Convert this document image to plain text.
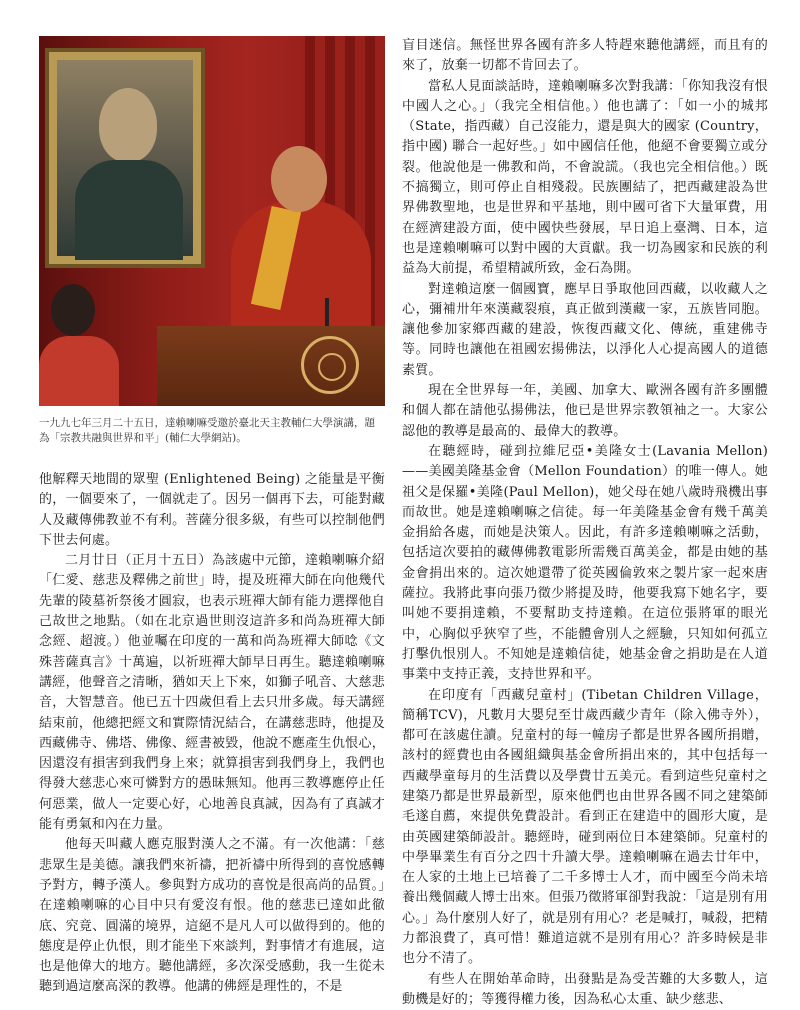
一九九七年三月二十五日，達賴喇嘛受邀於臺北天主教輔仁大學演講，題為「宗教共融與世界和平」(輔仁大學網站)。

他解釋天地間的眾聖 (Enlightened Being) 之能量是平衡的，一個要來了，一個就走了。因另一個再下去，可能對藏人及藏傳佛教並不有利。菩薩分很多級，有些可以控制他們下世去何處。

二月廿日（正月十五日）為該處中元節，達賴喇嘛介紹「仁愛、慈悲及釋佛之前世」時，提及班禪大師在向他幾代先輩的陵墓祈祭後才圓寂，也表示班禪大師有能力選擇他自己故世之地點。（如在北京過世則沒這許多和尚為班禪大師念經、超渡。）他並囑在印度的一萬和尚為班禪大師唸《文殊菩薩真言》十萬遍，以祈班禪大師早日再生。聽達賴喇嘛講經，他聲音之清晰，猶如天上下來，如獅子吼音、大慈悲音，大智慧音。他已五十四歲但看上去只卅多歲。每天講經結束前，他總把經文和實際情況結合，在講慈悲時，他提及西藏佛寺、佛塔、佛像、經書被毀，他說不應產生仇恨心，因還沒有損害到我們身上來；就算損害到我們身上，我們也得發大慈悲心來可憐對方的愚昧無知。他再三教導應停止任何惡業，做人一定要心好，心地善良真誠，因為有了真誠才能有勇氣和內在力量。

他每天叫藏人應克服對漢人之不滿。有一次他講：「慈悲眾生是美德。讓我們來祈禱，把祈禱中所得到的喜悅感轉予對方，轉予漢人。參與對方成功的喜悅是很高尚的品質。」在達賴喇嘛的心目中只有愛沒有恨。他的慈悲已達如此徹底、究竟、圓滿的境界，這絕不是凡人可以做得到的。他的態度是停止仇恨，則才能坐下來談判，對事情才有進展，這也是他偉大的地方。聽他講經，多次深受感動，我一生從未聽到過這麼高深的教導。他講的佛經是理性的，不是

盲目迷信。無怪世界各國有許多人特趕來聽他講經，而且有的來了，放棄一切都不肯回去了。

當私人見面談話時，達賴喇嘛多次對我講：「你知我沒有恨中國人之心。」（我完全相信他。）他也講了：「如一小的城邦（State，指西藏）自己沒能力，還是與大的國家 (Country，指中國) 聯合一起好些。」如中國信任他，他絕不會要獨立或分裂。他說他是一佛教和尚，不會說謊。（我也完全相信他。）既不搞獨立，則可停止自相殘殺。民族團結了，把西藏建設為世界佛教聖地，也是世界和平基地，則中國可省下大量軍費，用在經濟建設方面，使中國快些發展，早日追上臺灣、日本，這也是達賴喇嘛可以對中國的大貢獻。我一切為國家和民族的利益為大前提，希望精誠所致，金石為開。

對達賴這麼一個國寶，應早日爭取他回西藏，以收藏人之心，彌補卅年來漢藏裂痕，真正做到漢藏一家，五族皆同胞。讓他參加家鄉西藏的建設，恢復西藏文化、傳統，重建佛寺等。同時也讓他在祖國宏揚佛法，以淨化人心提高國人的道德素質。

現在全世界每一年，美國、加拿大、歐洲各國有許多團體和個人都在請他弘揚佛法，他已是世界宗教領袖之一。大家公認他的教導是最高的、最偉大的教導。

在聽經時，碰到拉維尼亞•美隆女士(Lavania Mellon)——美國美隆基金會（Mellon Foundation）的唯一傳人。她祖父是保羅•美隆(Paul Mellon)，她父母在她八歲時飛機出事而故世。她是達賴喇嘛之信徒。每一年美隆基金會有幾千萬美金捐給各處，而她是決策人。因此，有許多達賴喇嘛之活動，包括這次要拍的藏傳佛教電影所需幾百萬美金，都是由她的基金會捐出來的。這次她還帶了從英國倫敦來之製片家一起來唐薩拉。我將此事向張乃徵少將提及時，他要我寫下她名字，要叫她不要捐達賴，不要幫助支持達賴。在這位張將軍的眼光中，心胸似乎狹窄了些，不能體會別人之經驗，只知如何孤立打擊仇恨別人。不知她是達賴信徒，她基金會之捐助是在人道事業中支持正義，支持世界和平。

在印度有「西藏兒童村」(Tibetan Children Village，簡稱TCV)，凡數月大嬰兒至廿歲西藏少青年（除入佛寺外），都可在該處住讀。兒童村的每一幢房子都是世界各國所捐贈，該村的經費也由各國組織與基金會所捐出來的，其中包括每一西藏學童每月的生活費以及學費廿五美元。看到這些兒童村之建築乃都是世界最新型，原來他們也由世界各國不同之建築師毛遂自薦，來提供免費設計。看到正在建造中的圓形大廈，是由英國建築師設計。聽經時，碰到兩位日本建築師。兒童村的中學畢業生有百分之四十升讀大學。達賴喇嘛在過去廿年中，在人家的土地上已培養了二千多博士人才，而中國至今尚未培養出幾個藏人博士出來。但張乃徵將軍卻對我說：「這是別有用心。」為什麼別人好了，就是別有用心？老是喊打，喊殺，把精力都浪費了，真可惜！難道這就不是別有用心？許多時候是非也分不清了。

有些人在開始革命時，出發點是為受苦難的大多數人，這動機是好的；等獲得權力後，因為私心太重、缺少慈悲、
